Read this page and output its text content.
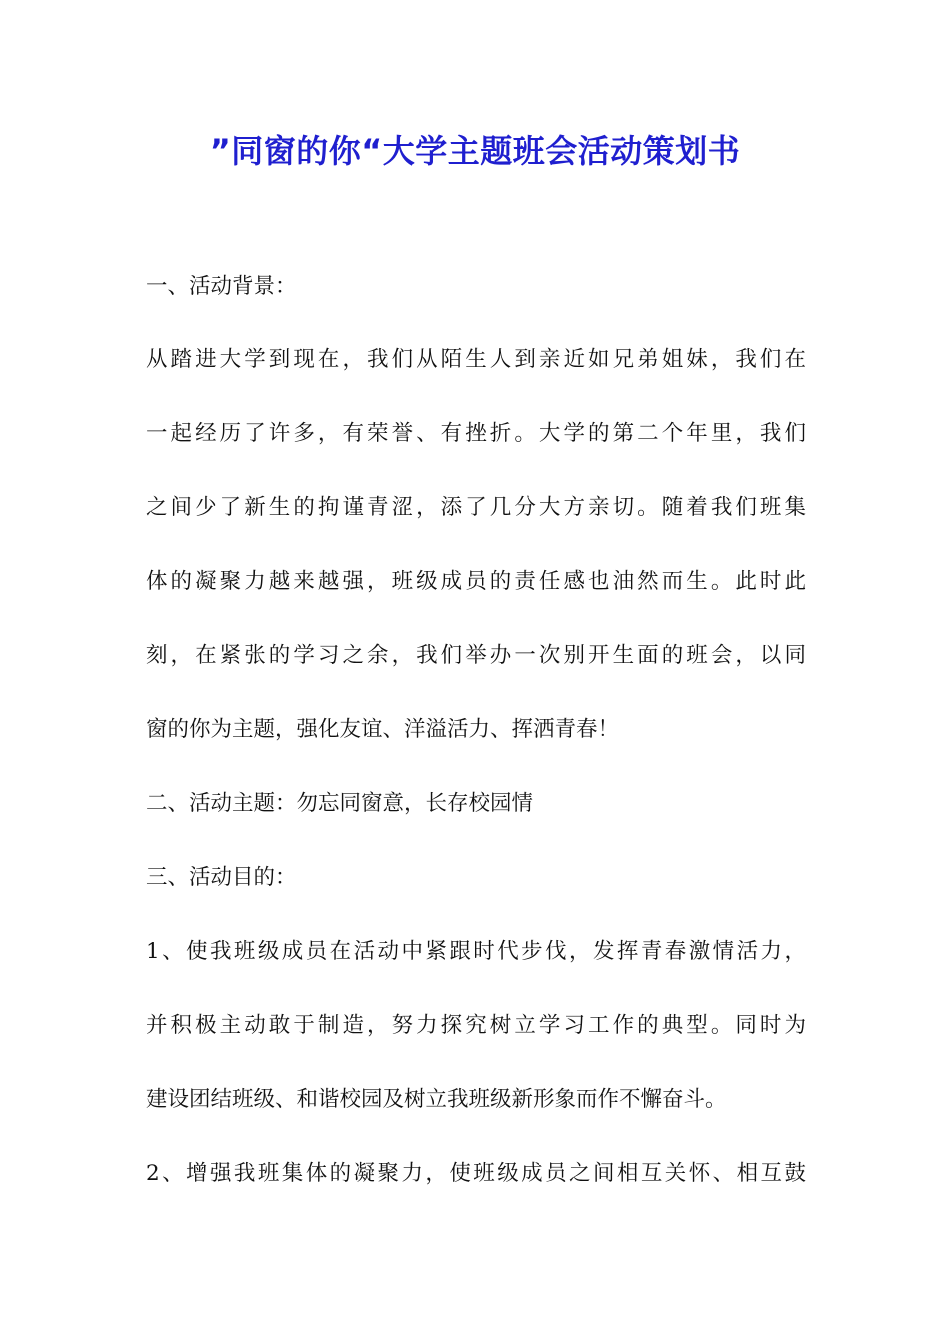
”同窗的你“大学主题班会活动策划书
一、活动背景：
从踏进大学到现在，我们从陌生人到亲近如兄弟姐妹，我们在
一起经历了许多，有荣誉、有挫折。大学的第二个年里，我们
之间少了新生的拘谨青涩，添了几分大方亲切。随着我们班集
体的凝聚力越来越强，班级成员的责任感也油然而生。此时此
刻，在紧张的学习之余，我们举办一次别开生面的班会，以同
窗的你为主题，强化友谊、洋溢活力、挥洒青春！
二、活动主题：勿忘同窗意，长存校园情
三、活动目的：
1、使我班级成员在活动中紧跟时代步伐，发挥青春激情活力，
并积极主动敢于制造，努力探究树立学习工作的典型。同时为
建设团结班级、和谐校园及树立我班级新形象而作不懈奋斗。
2、增强我班集体的凝聚力，使班级成员之间相互关怀、相互鼓
